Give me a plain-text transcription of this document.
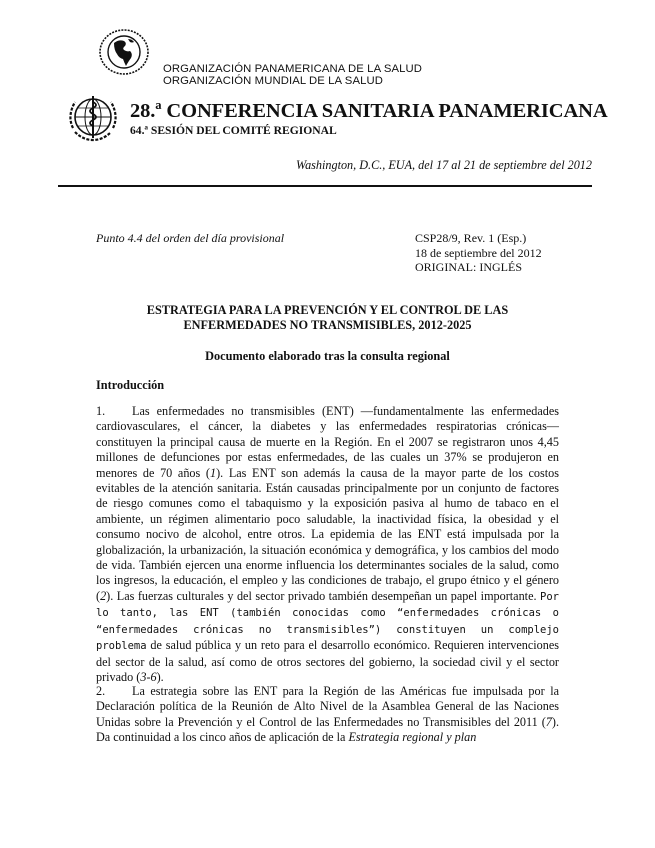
ORGANIZACIÓN PANAMERICANA DE LA SALUD
ORGANIZACIÓN MUNDIAL DE LA SALUD
28.ª CONFERENCIA SANITARIA PANAMERICANA
64.ª SESIÓN DEL COMITÉ REGIONAL
Washington, D.C., EUA, del 17 al 21 de septiembre del 2012
Punto 4.4 del orden del día provisional	CSP28/9, Rev. 1 (Esp.)
18 de septiembre del 2012
ORIGINAL: INGLÉS
ESTRATEGIA PARA LA PREVENCIÓN Y EL CONTROL DE LAS
ENFERMEDADES NO TRANSMISIBLES, 2012-2025
Documento elaborado tras la consulta regional
Introducción
1. Las enfermedades no transmisibles (ENT) —fundamentalmente las enfermedades cardiovasculares, el cáncer, la diabetes y las enfermedades respiratorias crónicas— constituyen la principal causa de muerte en la Región. En el 2007 se registraron unos 4,45 millones de defunciones por estas enfermedades, de las cuales un 37% se produjeron en menores de 70 años (1). Las ENT son además la causa de la mayor parte de los costos evitables de la atención sanitaria. Están causadas principalmente por un conjunto de factores de riesgo comunes como el tabaquismo y la exposición pasiva al humo de tabaco en el ambiente, un régimen alimentario poco saludable, la inactividad física, la obesidad y el consumo nocivo de alcohol, entre otros. La epidemia de las ENT está impulsada por la globalización, la urbanización, la situación económica y demográfica, y los cambios del modo de vida. También ejercen una enorme influencia los determinantes sociales de la salud, como los ingresos, la educación, el empleo y las condiciones de trabajo, el grupo étnico y el género (2). Las fuerzas culturales y del sector privado también desempeñan un papel importante. Por lo tanto, las ENT (también conocidas como “enfermedades crónicas o “enfermedades crónicas no transmisibles”) constituyen un complejo problema de salud pública y un reto para el desarrollo económico. Requieren intervenciones del sector de la salud, así como de otros sectores del gobierno, la sociedad civil y el sector privado (3-6).
2. La estrategia sobre las ENT para la Región de las Américas fue impulsada por la Declaración política de la Reunión de Alto Nivel de la Asamblea General de las Naciones Unidas sobre la Prevención y el Control de las Enfermedades no Transmisibles del 2011 (7). Da continuidad a los cinco años de aplicación de la Estrategia regional y plan
